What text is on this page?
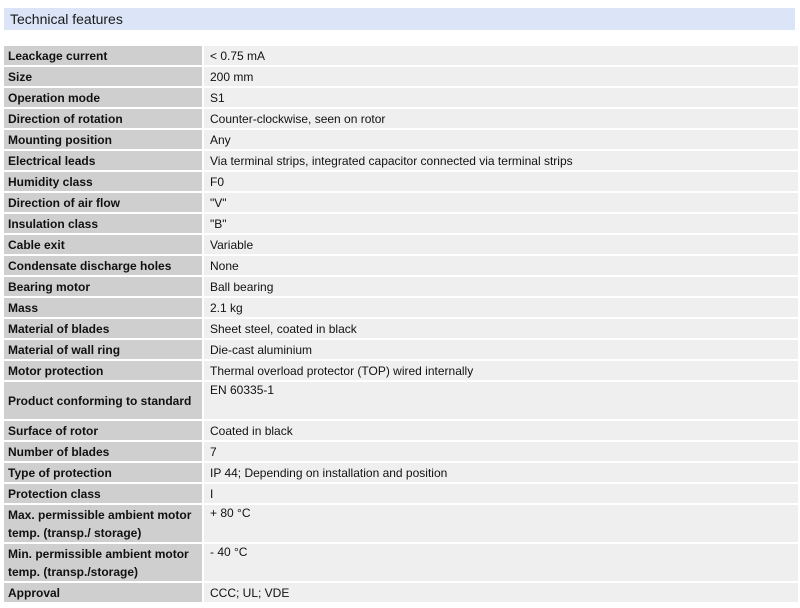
Technical features
Leackage current	< 0.75 mA
Size	200 mm
Operation mode	S1
Direction of rotation	Counter-clockwise, seen on rotor
Mounting position	Any
Electrical leads	Via terminal strips, integrated capacitor connected via terminal strips
Humidity class	F0
Direction of air flow	"V"
Insulation class	"B"
Cable exit	Variable
Condensate discharge holes	None
Bearing motor	Ball bearing
Mass	2.1 kg
Material of blades	Sheet steel, coated in black
Material of wall ring	Die-cast aluminium
Motor protection	Thermal overload protector (TOP) wired internally
Product conforming to standard	EN 60335-1
Surface of rotor	Coated in black
Number of blades	7
Type of protection	IP 44; Depending on installation and position
Protection class	I
Max. permissible ambient motor temp. (transp./ storage)	+ 80 °C
Min. permissible ambient motor temp. (transp./storage)	- 40 °C
Approval	CCC; UL; VDE
